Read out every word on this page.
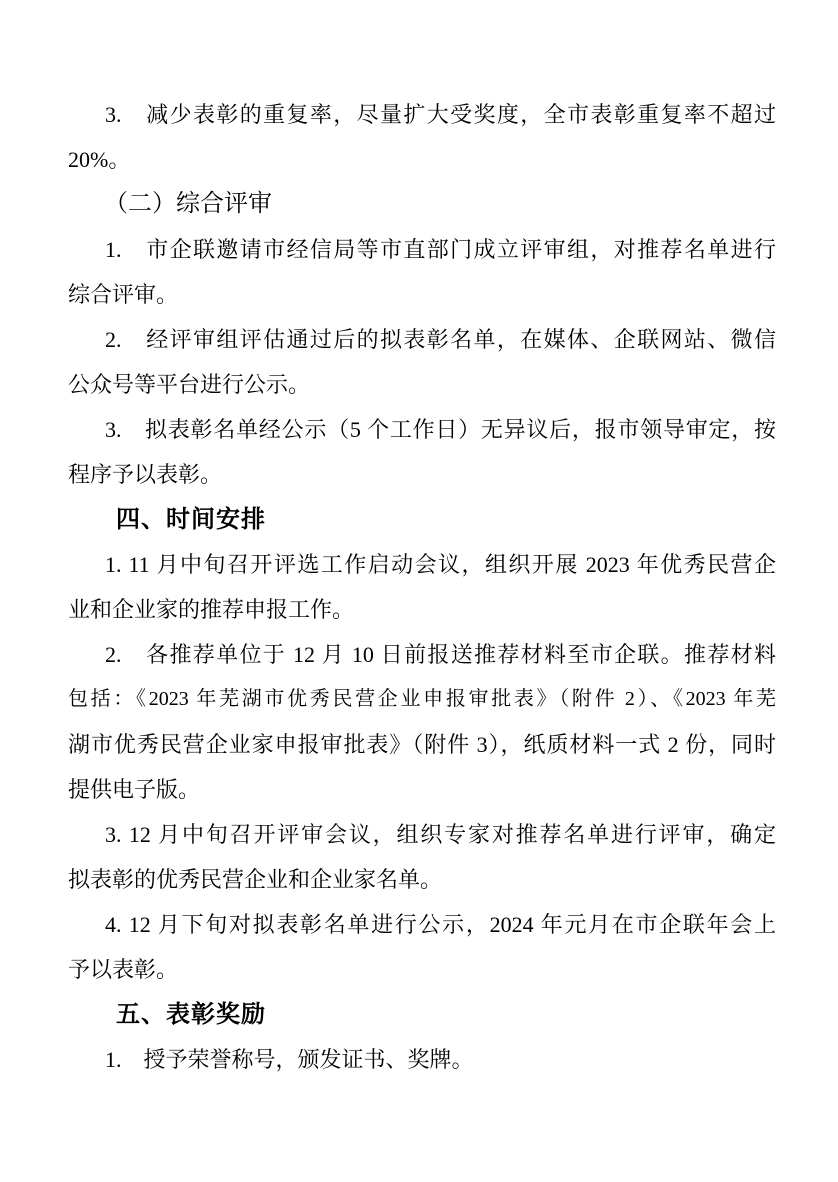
3.　减少表彰的重复率，尽量扩大受奖度，全市表彰重复率不超过
20%。
（二）综合评审
1.　市企联邀请市经信局等市直部门成立评审组，对推荐名单进行
综合评审。
2.　经评审组评估通过后的拟表彰名单，在媒体、企联网站、微信
公众号等平台进行公示。
3.　拟表彰名单经公示（5 个工作日）无异议后，报市领导审定，按
程序予以表彰。
四、时间安排
1. 11 月中旬召开评选工作启动会议，组织开展 2023 年优秀民营企
业和企业家的推荐申报工作。
2.　各推荐单位于 12 月 10 日前报送推荐材料至市企联。推荐材料
包括：《2023 年芜湖市优秀民营企业申报审批表》（附件 2）、《2023 年芜
湖市优秀民营企业家申报审批表》（附件 3），纸质材料一式 2 份，同时
提供电子版。
3. 12 月中旬召开评审会议，组织专家对推荐名单进行评审，确定
拟表彰的优秀民营企业和企业家名单。
4. 12 月下旬对拟表彰名单进行公示，2024 年元月在市企联年会上
予以表彰。
五、表彰奖励
1.　授予荣誉称号，颁发证书、奖牌。
